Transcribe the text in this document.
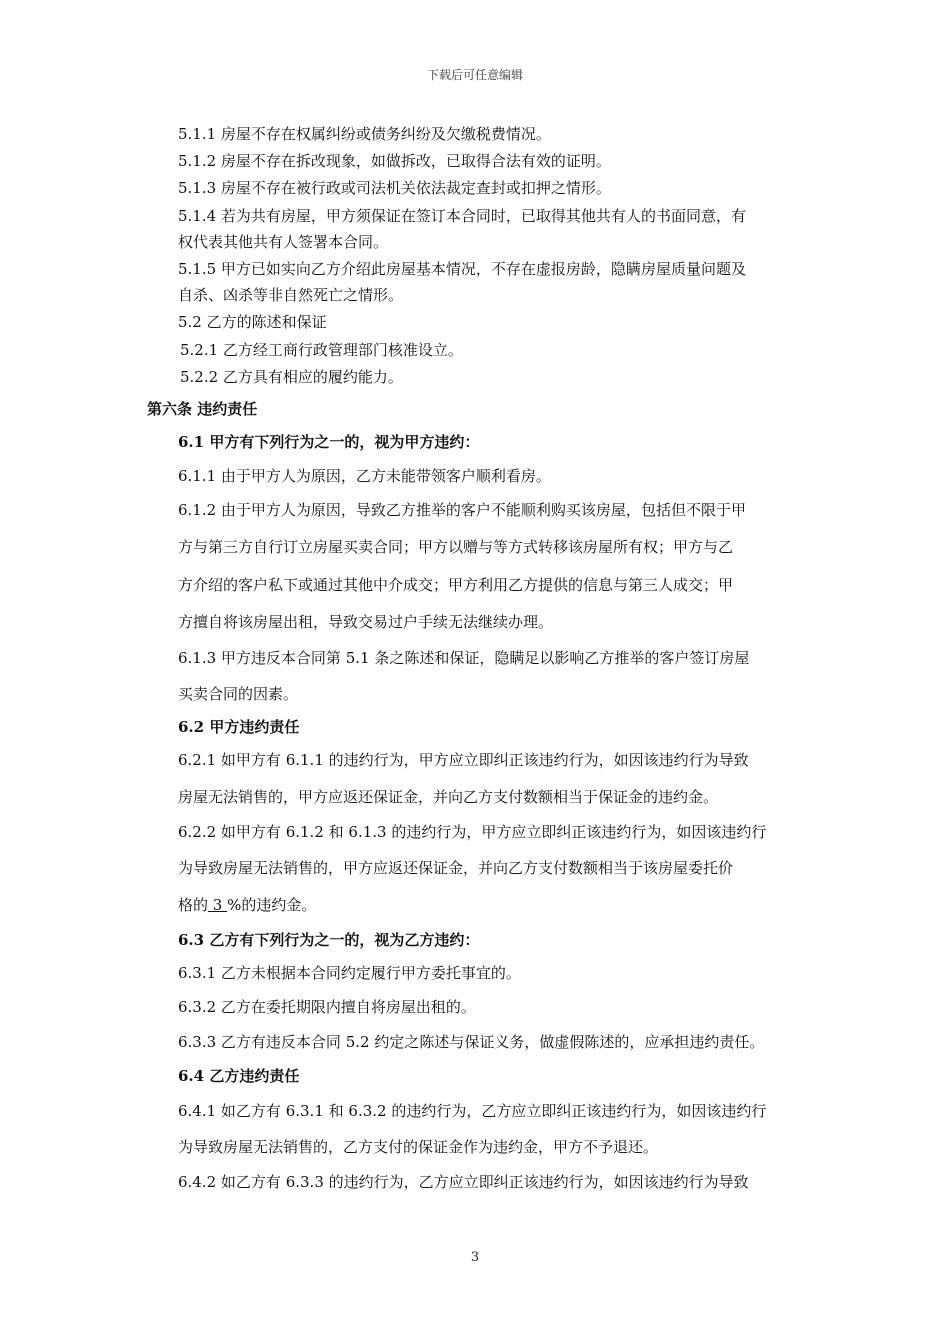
下载后可任意编辑
5.1.1 房屋不存在权属纠纷或债务纠纷及欠缴税费情况。
5.1.2 房屋不存在拆改现象，如做拆改，已取得合法有效的证明。
5.1.3 房屋不存在被行政或司法机关依法裁定查封或扣押之情形。
5.1.4 若为共有房屋，甲方须保证在签订本合同时，已取得其他共有人的书面同意，有
权代表其他共有人签署本合同。
5.1.5 甲方已如实向乙方介绍此房屋基本情况，不存在虚报房龄，隐瞒房屋质量问题及
自杀、凶杀等非自然死亡之情形。
5.2 乙方的陈述和保证
5.2.1 乙方经工商行政管理部门核准设立。
5.2.2 乙方具有相应的履约能力。
第六条 违约责任
6.1 甲方有下列行为之一的，视为甲方违约：
6.1.1 由于甲方人为原因，乙方未能带领客户顺利看房。
6.1.2 由于甲方人为原因，导致乙方推举的客户不能顺利购买该房屋，包括但不限于甲
方与第三方自行订立房屋买卖合同；甲方以赠与等方式转移该房屋所有权；甲方与乙
方介绍的客户私下或通过其他中介成交；甲方利用乙方提供的信息与第三人成交；甲
方擅自将该房屋出租，导致交易过户手续无法继续办理。
6.1.3 甲方违反本合同第 5.1 条之陈述和保证，隐瞒足以影响乙方推举的客户签订房屋
买卖合同的因素。
6.2 甲方违约责任
6.2.1 如甲方有 6.1.1 的违约行为，甲方应立即纠正该违约行为，如因该违约行为导致
房屋无法销售的，甲方应返还保证金，并向乙方支付数额相当于保证金的违约金。
6.2.2 如甲方有 6.1.2 和 6.1.3 的违约行为，甲方应立即纠正该违约行为，如因该违约行
为导致房屋无法销售的，甲方应返还保证金，并向乙方支付数额相当于该房屋委托价
格的 3 %的违约金。
6.3 乙方有下列行为之一的，视为乙方违约：
6.3.1 乙方未根据本合同约定履行甲方委托事宜的。
6.3.2 乙方在委托期限内擅自将房屋出租的。
6.3.3 乙方有违反本合同 5.2 约定之陈述与保证义务，做虚假陈述的，应承担违约责任。
6.4 乙方违约责任
6.4.1 如乙方有 6.3.1 和 6.3.2 的违约行为，乙方应立即纠正该违约行为，如因该违约行
为导致房屋无法销售的，乙方支付的保证金作为违约金，甲方不予退还。
6.4.2 如乙方有 6.3.3 的违约行为，乙方应立即纠正该违约行为，如因该违约行为导致
3
